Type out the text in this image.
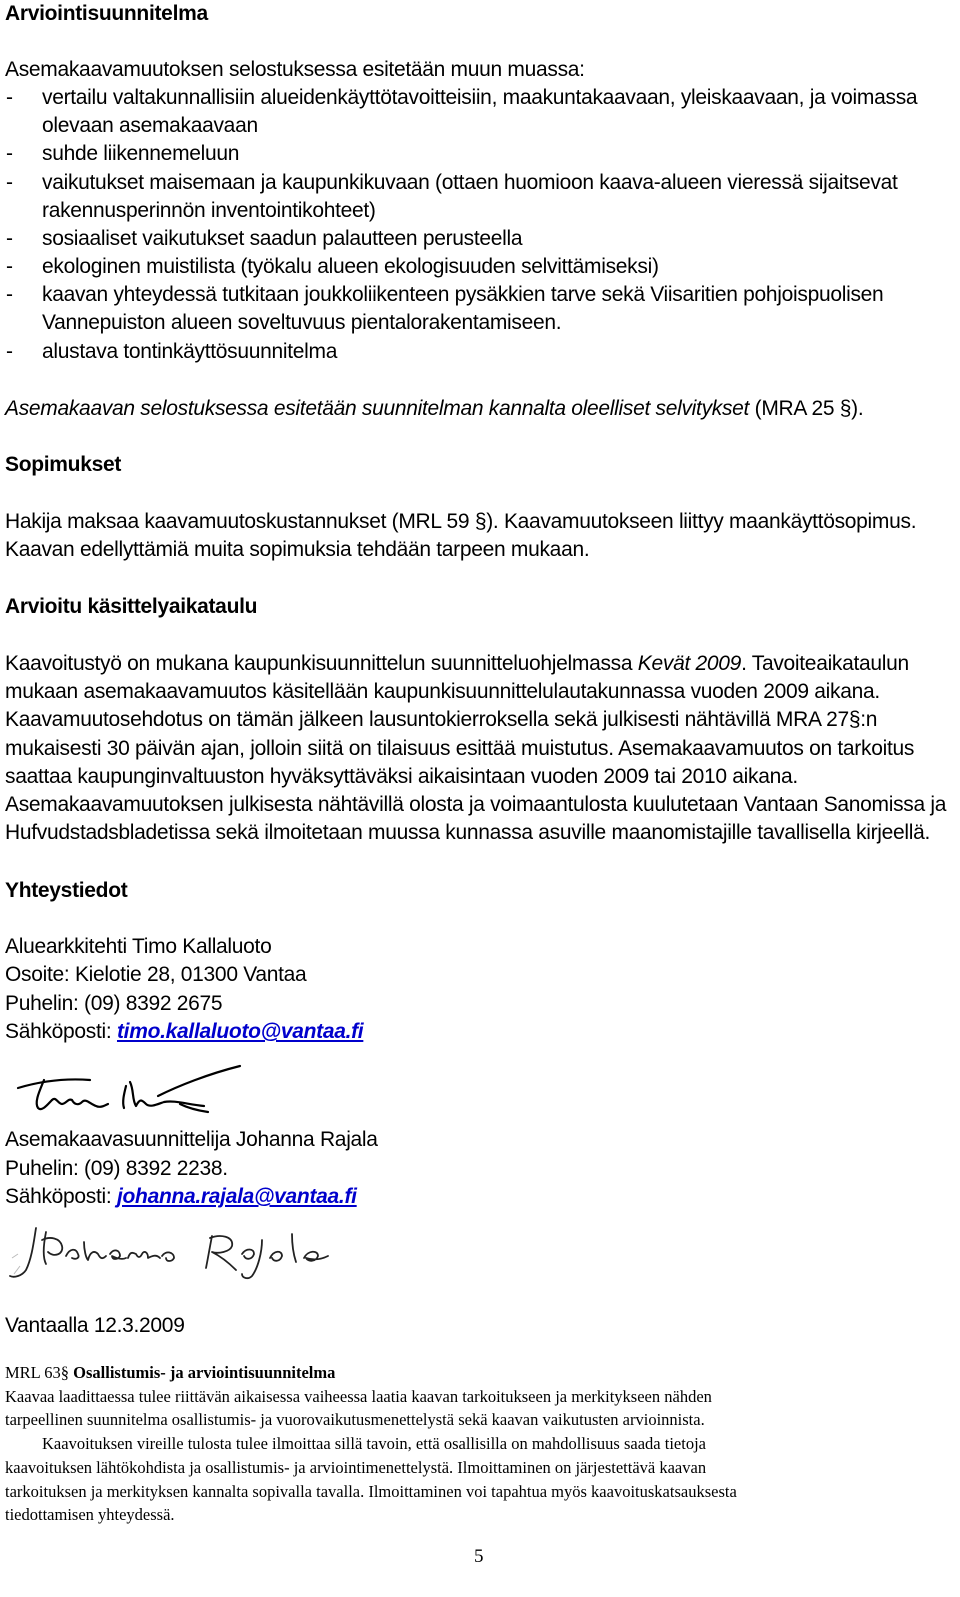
Arviointisuunnitelma
Asemakaavamuutoksen selostuksessa esitetään muun muassa:
- vertailu valtakunnallisiin alueidenkäyttötavoitteisiin, maakuntakaavaan, yleiskaavaan, ja voimassa
olevaan asemakaavaan
- suhde liikennemeluun
- vaikutukset maisemaan ja kaupunkikuvaan (ottaen huomioon kaava-alueen vieressä sijaitsevat
rakennusperinnön inventointikohteet)
- sosiaaliset vaikutukset saadun palautteen perusteella
- ekologinen muistilista (työkalu alueen ekologisuuden selvittämiseksi)
- kaavan yhteydessä tutkitaan joukkoliikenteen pysäkkien tarve sekä Viisaritien pohjoispuolisen
Vannepuiston alueen soveltuvuus pientalorakentamiseen.
- alustava tontinkäyttösuunnitelma
Asemakaavan selostuksessa esitetään suunnitelman kannalta oleelliset selvitykset (MRA 25 §).
Sopimukset
Hakija maksaa kaavamuutoskustannukset (MRL 59 §). Kaavamuutokseen liittyy maankäyttösopimus.
Kaavan edellyttämiä muita sopimuksia tehdään tarpeen mukaan.
Arvioitu käsittelyaikataulu
Kaavoitustyö on mukana kaupunkisuunnittelun suunnitteluohjelmassa Kevät 2009. Tavoiteaikataulun
mukaan asemakaavamuutos käsitellään kaupunkisuunnittelulautakunnassa vuoden 2009 aikana.
Kaavamuutosehdotus on tämän jälkeen lausuntokierroksella sekä julkisesti nähtävillä MRA 27§:n
mukaisesti 30 päivän ajan, jolloin siitä on tilaisuus esittää muistutus. Asemakaavamuutos on tarkoitus
saattaa kaupunginvaltuuston hyväksyttäväksi aikaisintaan vuoden 2009 tai 2010 aikana.
Asemakaavamuutoksen julkisesta nähtävillä olosta ja voimaantulosta kuulutetaan Vantaan Sanomissa ja
Hufvudstadsbladetissa sekä ilmoitetaan muussa kunnassa asuville maanomistajille tavallisella kirjeellä.
Yhteystiedot
Aluearkkitehti Timo Kallaluoto
Osoite: Kielotie 28, 01300 Vantaa
Puhelin: (09) 8392 2675
Sähköposti: timo.kallaluoto@vantaa.fi
Asemakaavasuunnittelija Johanna Rajala
Puhelin: (09) 8392 2238.
Sähköposti: johanna.rajala@vantaa.fi
Vantaalla 12.3.2009
MRL 63§ Osallistumis- ja arviointisuunnitelma
Kaavaa laadittaessa tulee riittävän aikaisessa vaiheessa laatia kaavan tarkoitukseen ja merkitykseen nähden
tarpeellinen suunnitelma osallistumis- ja vuorovaikutusmenettelystä sekä kaavan vaikutusten arvioinnista.
Kaavoituksen vireille tulosta tulee ilmoittaa sillä tavoin, että osallisilla on mahdollisuus saada tietoja
kaavoituksen lähtökohdista ja osallistumis- ja arviointimenettelystä. Ilmoittaminen on järjestettävä kaavan
tarkoituksen ja merkityksen kannalta sopivalla tavalla. Ilmoittaminen voi tapahtua myös kaavoituskatsauksesta
tiedottamisen yhteydessä.
5
